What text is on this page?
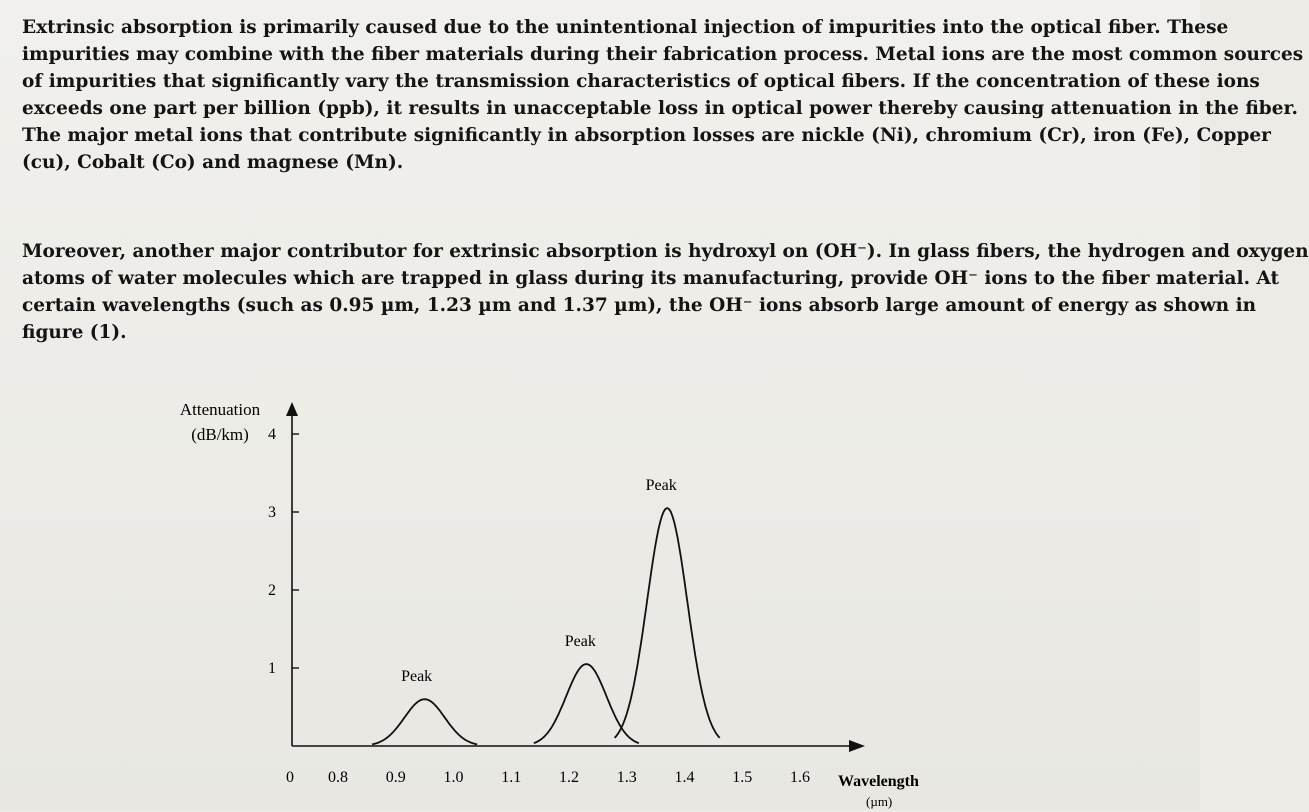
Extrinsic absorption is primarily caused due to the unintentional injection of impurities into the optical fiber. These
impurities may combine with the fiber materials during their fabrication process. Metal ions are the most common sources
of impurities that significantly vary the transmission characteristics of optical fibers. If the concentration of these ions
exceeds one part per billion (ppb), it results in unacceptable loss in optical power thereby causing attenuation in the fiber.
The major metal ions that contribute significantly in absorption losses are nickle (Ni), chromium (Cr), iron (Fe), Copper
(cu), Cobalt (Co) and magnese (Mn).

Moreover, another major contributor for extrinsic absorption is hydroxyl on (OH⁻). In glass fibers, the hydrogen and oxygen
atoms of water molecules which are trapped in glass during its manufacturing, provide OH⁻ ions to the fiber material. At
certain wavelengths (such as 0.95 µm, 1.23 µm and 1.37 µm), the OH⁻ ions absorb large amount of energy as shown in
figure (1).

1
2
3
4
0 0.8 0.9 1.0 1.1 1.2 1.3 1.4 1.5 1.6
Attenuation
(dB/km)
Wavelength
(µm)
Peak
Peak
Peak
